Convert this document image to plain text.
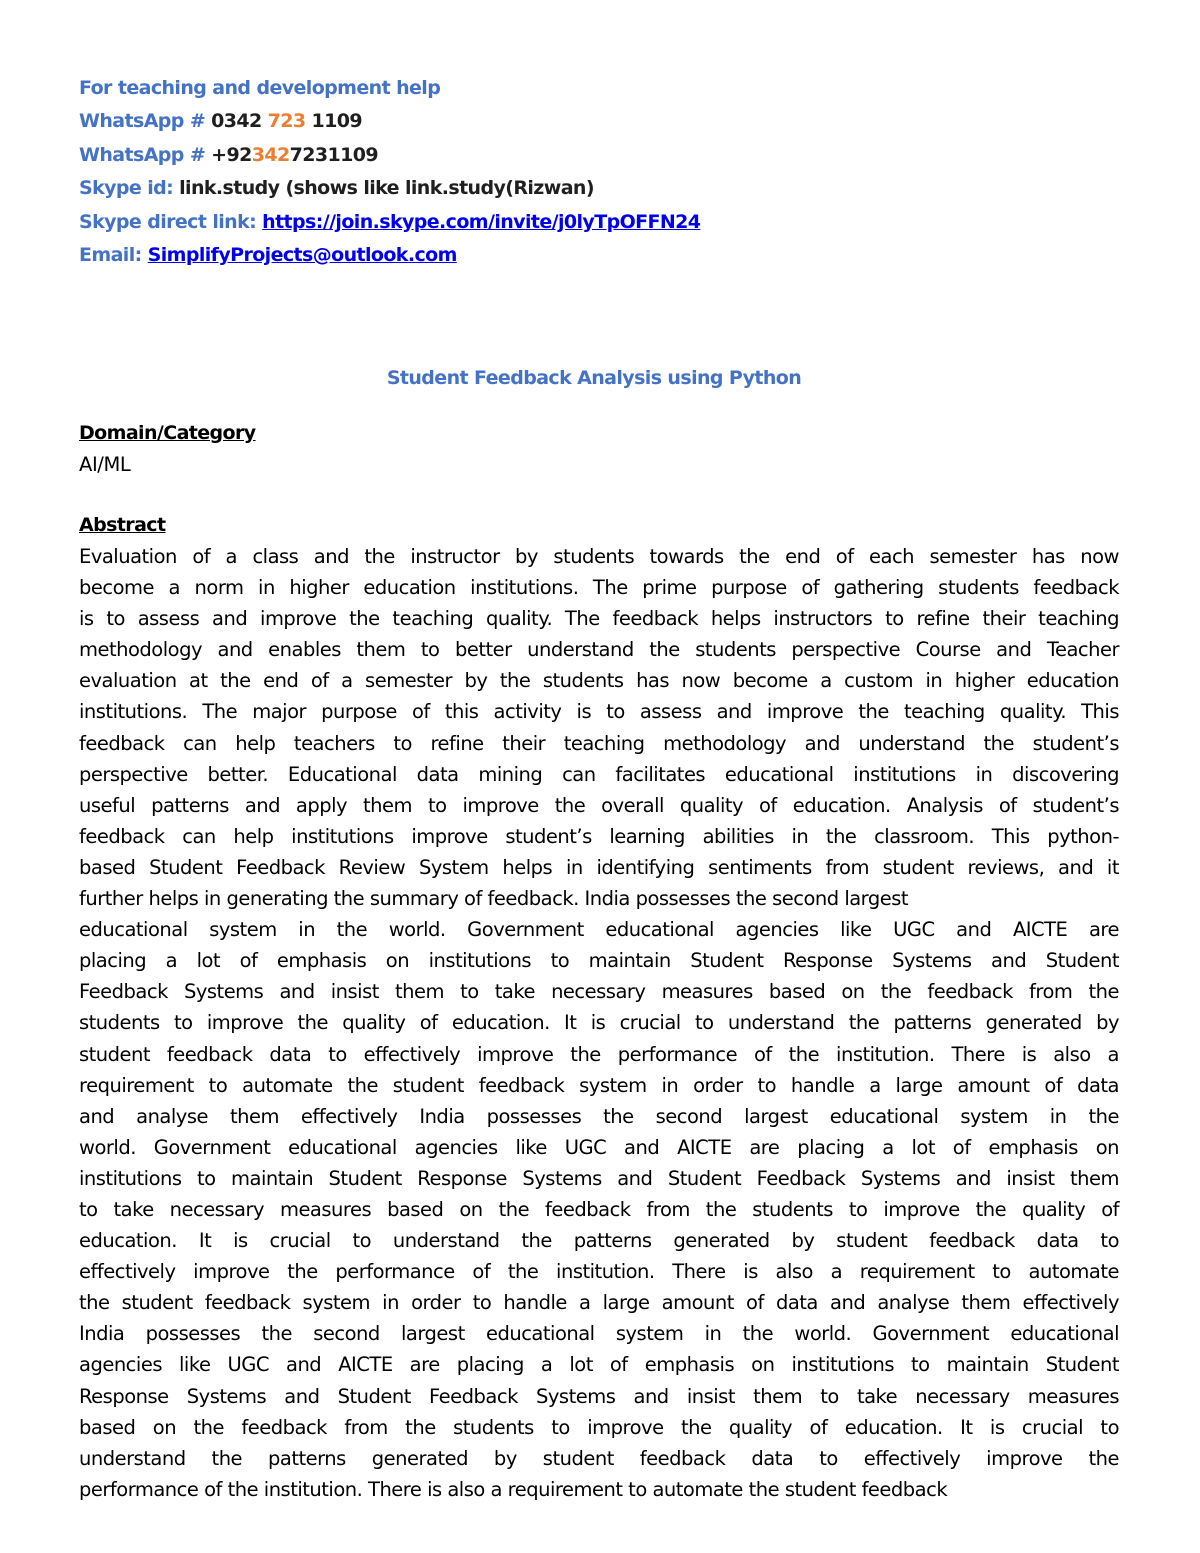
For teaching and development help
WhatsApp # 0342 723 1109
WhatsApp # +923427231109
Skype id: link.study (shows like link.study(Rizwan)
Skype direct link: https://join.skype.com/invite/j0lyTpOFFN24
Email: SimplifyProjects@outlook.com
Student Feedback Analysis using Python
Domain/Category
AI/ML
Abstract
Evaluation of a class and the instructor by students towards the end of each semester has now
become a norm in higher education institutions. The prime purpose of gathering students feedback
is to assess and improve the teaching quality. The feedback helps instructors to refine their teaching
methodology and enables them to better understand the students perspective Course and Teacher
evaluation at the end of a semester by the students has now become a custom in higher education
institutions. The major purpose of this activity is to assess and improve the teaching quality. This
feedback can help teachers to refine their teaching methodology and understand the student’s
perspective better. Educational data mining can facilitates educational institutions in discovering
useful patterns and apply them to improve the overall quality of education. Analysis of student’s
feedback can help institutions improve student’s learning abilities in the classroom. This python-
based Student Feedback Review System helps in identifying sentiments from student reviews, and it
further helps in generating the summary of feedback. India possesses the second largest
educational system in the world. Government educational agencies like UGC and AICTE are
placing a lot of emphasis on institutions to maintain Student Response Systems and Student
Feedback Systems and insist them to take necessary measures based on the feedback from the
students to improve the quality of education. It is crucial to understand the patterns generated by
student feedback data to effectively improve the performance of the institution. There is also a
requirement to automate the student feedback system in order to handle a large amount of data
and analyse them effectively India possesses the second largest educational system in the
world. Government educational agencies like UGC and AICTE are placing a lot of emphasis on
institutions to maintain Student Response Systems and Student Feedback Systems and insist them
to take necessary measures based on the feedback from the students to improve the quality of
education. It is crucial to understand the patterns generated by student feedback data to
effectively improve the performance of the institution. There is also a requirement to automate
the student feedback system in order to handle a large amount of data and analyse them effectively
India possesses the second largest educational system in the world. Government educational
agencies like UGC and AICTE are placing a lot of emphasis on institutions to maintain Student
Response Systems and Student Feedback Systems and insist them to take necessary measures
based on the feedback from the students to improve the quality of education. It is crucial to
understand the patterns generated by student feedback data to effectively improve the
performance of the institution. There is also a requirement to automate the student feedback
